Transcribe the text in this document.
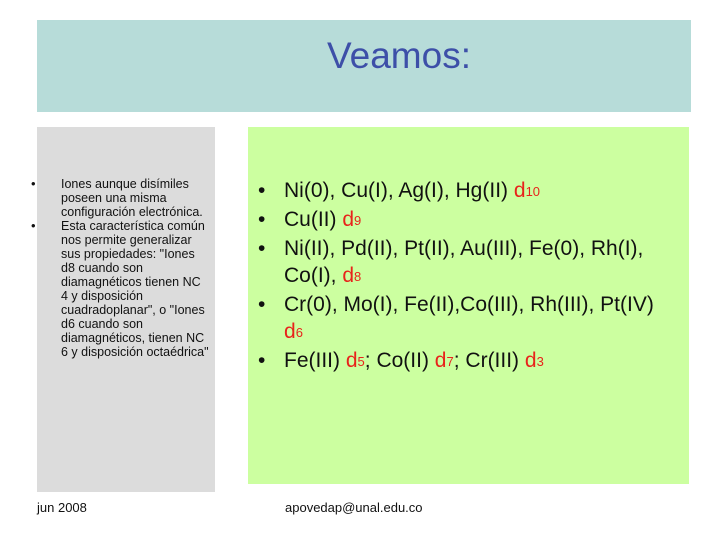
Veamos:
• Iones aunque disímiles poseen una misma configuración electrónica.
• Esta característica común nos permite generalizar sus propiedades: "Iones d8 cuando son diamagnéticos tienen NC 4 y disposición cuadradoplanar", o "Iones d6 cuando son diamagnéticos, tienen NC 6 y disposición octaédrica"
• Ni(0), Cu(I), Ag(I), Hg(II) $d_{10}$
• Cu(II) $d_9$
• Ni(II), Pd(II), Pt(II), Au(III), Fe(0), Rh(I), Co(I), $d_8$
• Cr(0), Mo(I), Fe(II),Co(III), Rh(III), Pt(IV) $d_6$
• Fe(III) $d_5$; Co(II) $d_7$; Cr(III) $d_3$
jun 2008	apovedap@unal.edu.co
